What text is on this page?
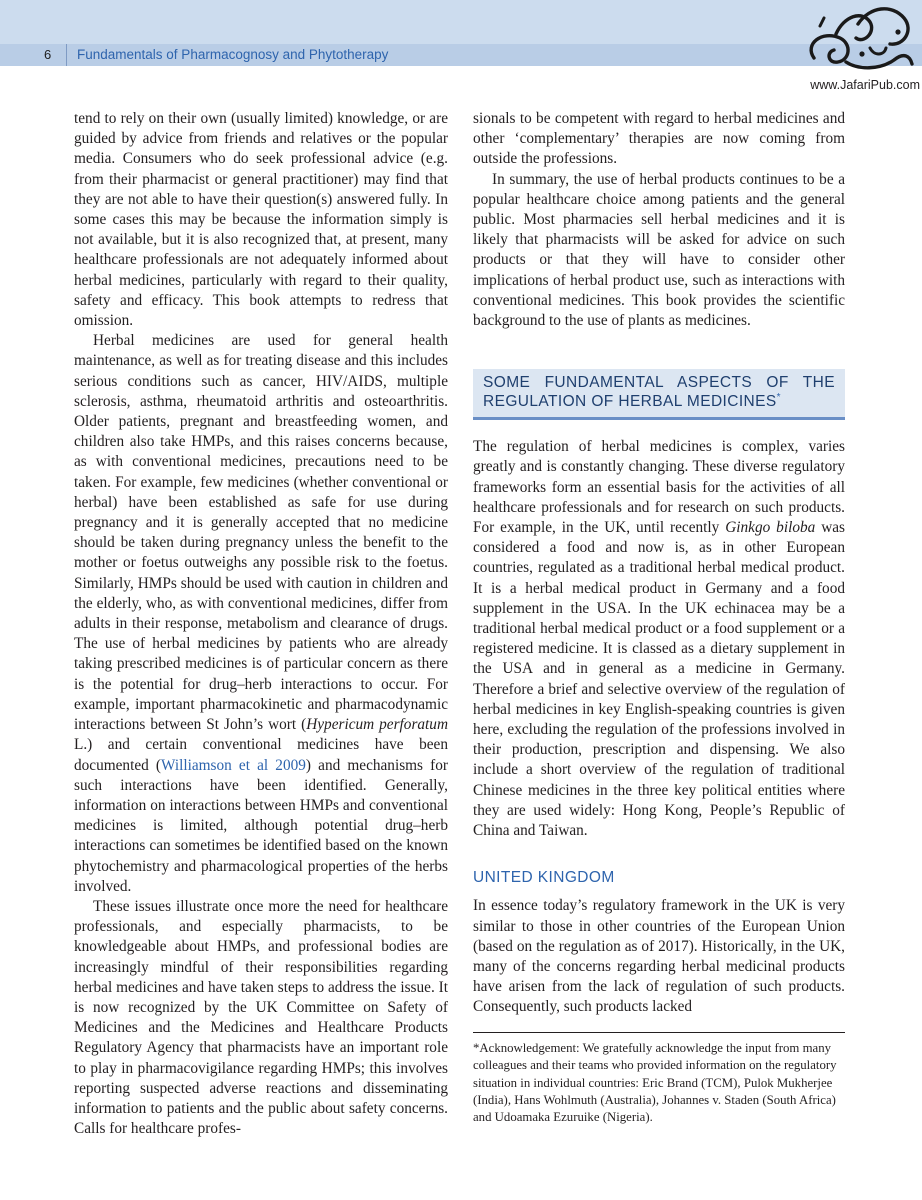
6 Fundamentals of Pharmacognosy and Phytotherapy
www.JafariPub.com

tend to rely on their own (usually limited) knowledge, or are guided by advice from friends and relatives or the popular media. Consumers who do seek professional advice (e.g. from their pharmacist or general practitioner) may find that they are not able to have their question(s) answered fully. In some cases this may be because the information simply is not available, but it is also recognized that, at present, many healthcare professionals are not adequately informed about herbal medicines, particularly with regard to their quality, safety and efficacy. This book attempts to redress that omission.

Herbal medicines are used for general health maintenance, as well as for treating disease and this includes serious conditions such as cancer, HIV/AIDS, multiple sclerosis, asthma, rheumatoid arthritis and osteoarthritis. Older patients, pregnant and breastfeeding women, and children also take HMPs, and this raises concerns because, as with conventional medicines, precautions need to be taken. For example, few medicines (whether conventional or herbal) have been established as safe for use during pregnancy and it is generally accepted that no medicine should be taken during pregnancy unless the benefit to the mother or foetus outweighs any possible risk to the foetus. Similarly, HMPs should be used with caution in children and the elderly, who, as with conventional medicines, differ from adults in their response, metabolism and clearance of drugs. The use of herbal medicines by patients who are already taking prescribed medicines is of particular concern as there is the potential for drug–herb interactions to occur. For example, important pharmacokinetic and pharmacodynamic interactions between St John’s wort (Hypericum perforatum L.) and certain conventional medicines have been documented (Williamson et al 2009) and mechanisms for such interactions have been identified. Generally, information on interactions between HMPs and conventional medicines is limited, although potential drug–herb interactions can sometimes be identified based on the known phytochemistry and pharmacological properties of the herbs involved.

These issues illustrate once more the need for healthcare professionals, and especially pharmacists, to be knowledgeable about HMPs, and professional bodies are increasingly mindful of their responsibilities regarding herbal medicines and have taken steps to address the issue. It is now recognized by the UK Committee on Safety of Medicines and the Medicines and Healthcare Products Regulatory Agency that pharmacists have an important role to play in pharmacovigilance regarding HMPs; this involves reporting suspected adverse reactions and disseminating information to patients and the public about safety concerns. Calls for healthcare profes-

sionals to be competent with regard to herbal medicines and other ‘complementary’ therapies are now coming from outside the professions.

In summary, the use of herbal products continues to be a popular healthcare choice among patients and the general public. Most pharmacies sell herbal medicines and it is likely that pharmacists will be asked for advice on such products or that they will have to consider other implications of herbal product use, such as interactions with conventional medicines. This book provides the scientific background to the use of plants as medicines.

SOME FUNDAMENTAL ASPECTS OF THE REGULATION OF HERBAL MEDICINES*

The regulation of herbal medicines is complex, varies greatly and is constantly changing. These diverse regulatory frameworks form an essential basis for the activities of all healthcare professionals and for research on such products. For example, in the UK, until recently Ginkgo biloba was considered a food and now is, as in other European countries, regulated as a traditional herbal medical product. It is a herbal medical product in Germany and a food supplement in the USA. In the UK echinacea may be a traditional herbal medical product or a food supplement or a registered medicine. It is classed as a dietary supplement in the USA and in general as a medicine in Germany. Therefore a brief and selective overview of the regulation of herbal medicines in key English-speaking countries is given here, excluding the regulation of the professions involved in their production, prescription and dispensing. We also include a short overview of the regulation of traditional Chinese medicines in the three key political entities where they are used widely: Hong Kong, People’s Republic of China and Taiwan.

UNITED KINGDOM

In essence today’s regulatory framework in the UK is very similar to those in other countries of the European Union (based on the regulation as of 2017). Historically, in the UK, many of the concerns regarding herbal medicinal products have arisen from the lack of regulation of such products. Consequently, such products lacked

*Acknowledgement: We gratefully acknowledge the input from many colleagues and their teams who provided information on the regulatory situation in individual countries: Eric Brand (TCM), Pulok Mukherjee (India), Hans Wohlmuth (Australia), Johannes v. Staden (South Africa) and Udoamaka Ezuruike (Nigeria).
